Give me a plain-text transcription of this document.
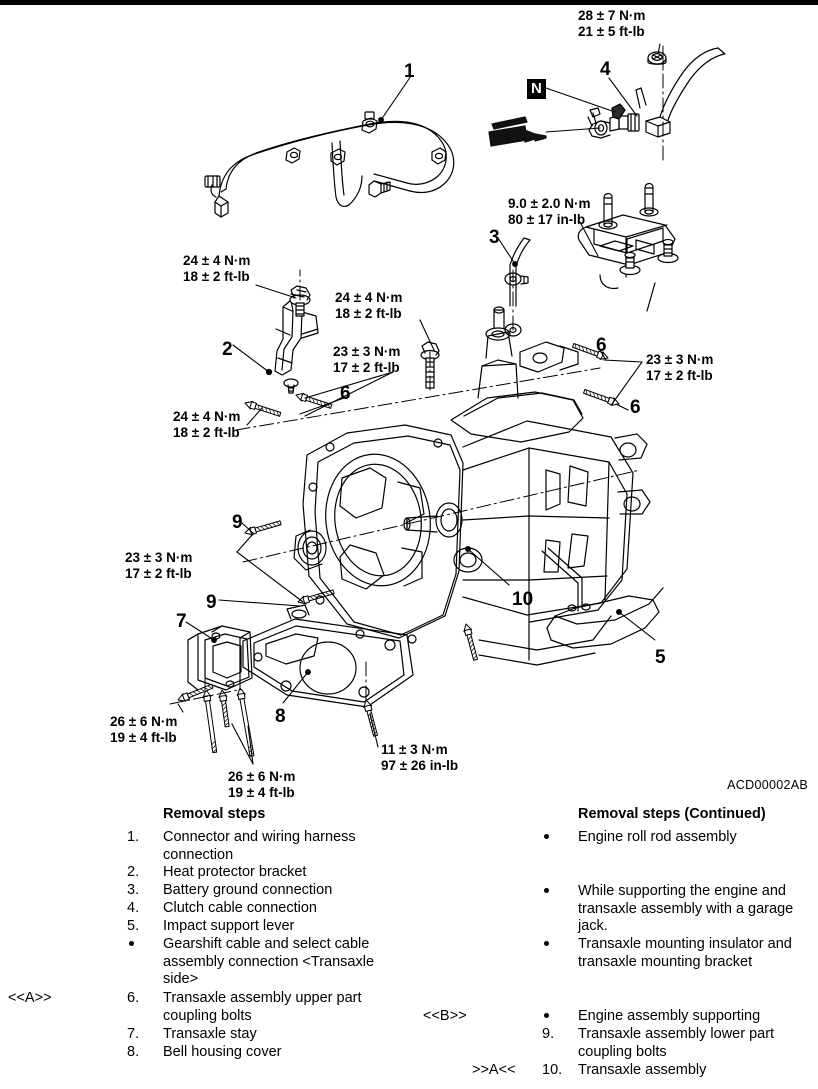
28 ± 7 N·m
21 ± 5 ft-lb
9.0 ± 2.0 N·m
80 ± 17 in-lb
24 ± 4 N·m
18 ± 2 ft-lb
24 ± 4 N·m
18 ± 2 ft-lb
24 ± 4 N·m
18 ± 2 ft-lb
23 ± 3 N·m
17 ± 2 ft-lb	23 ± 3 N·m
17 ± 2 ft-lb
23 ± 3 N·m
17 ± 2 ft-lb
26 ± 6 N·m
19 ± 4 ft-lb
26 ± 6 N·m
19 ± 4 ft-lb
11 ± 3 N·m
97 ± 26 in-lb
1
2
3
4
5
6
6
6
7
8
9
9	10
N
ACD00002AB
Removal steps
1.	Connector and wiring harness connection
2.	Heat protector bracket
3.	Battery ground connection
4.	Clutch cable connection
5.	Impact support lever
Gearshift cable and select cable assembly connection <Transaxle side>
6.	Transaxle assembly upper part coupling bolts
7.	Transaxle stay
8.	Bell housing cover
<<A>>
Removal steps (Continued)
Engine roll rod assembly
While supporting the engine and transaxle assembly with a garage jack.
Transaxle mounting insulator and transaxle mounting bracket
Engine assembly supporting
9.	Transaxle assembly lower part coupling bolts
10.	Transaxle assembly
<<B>>
>>A<<
